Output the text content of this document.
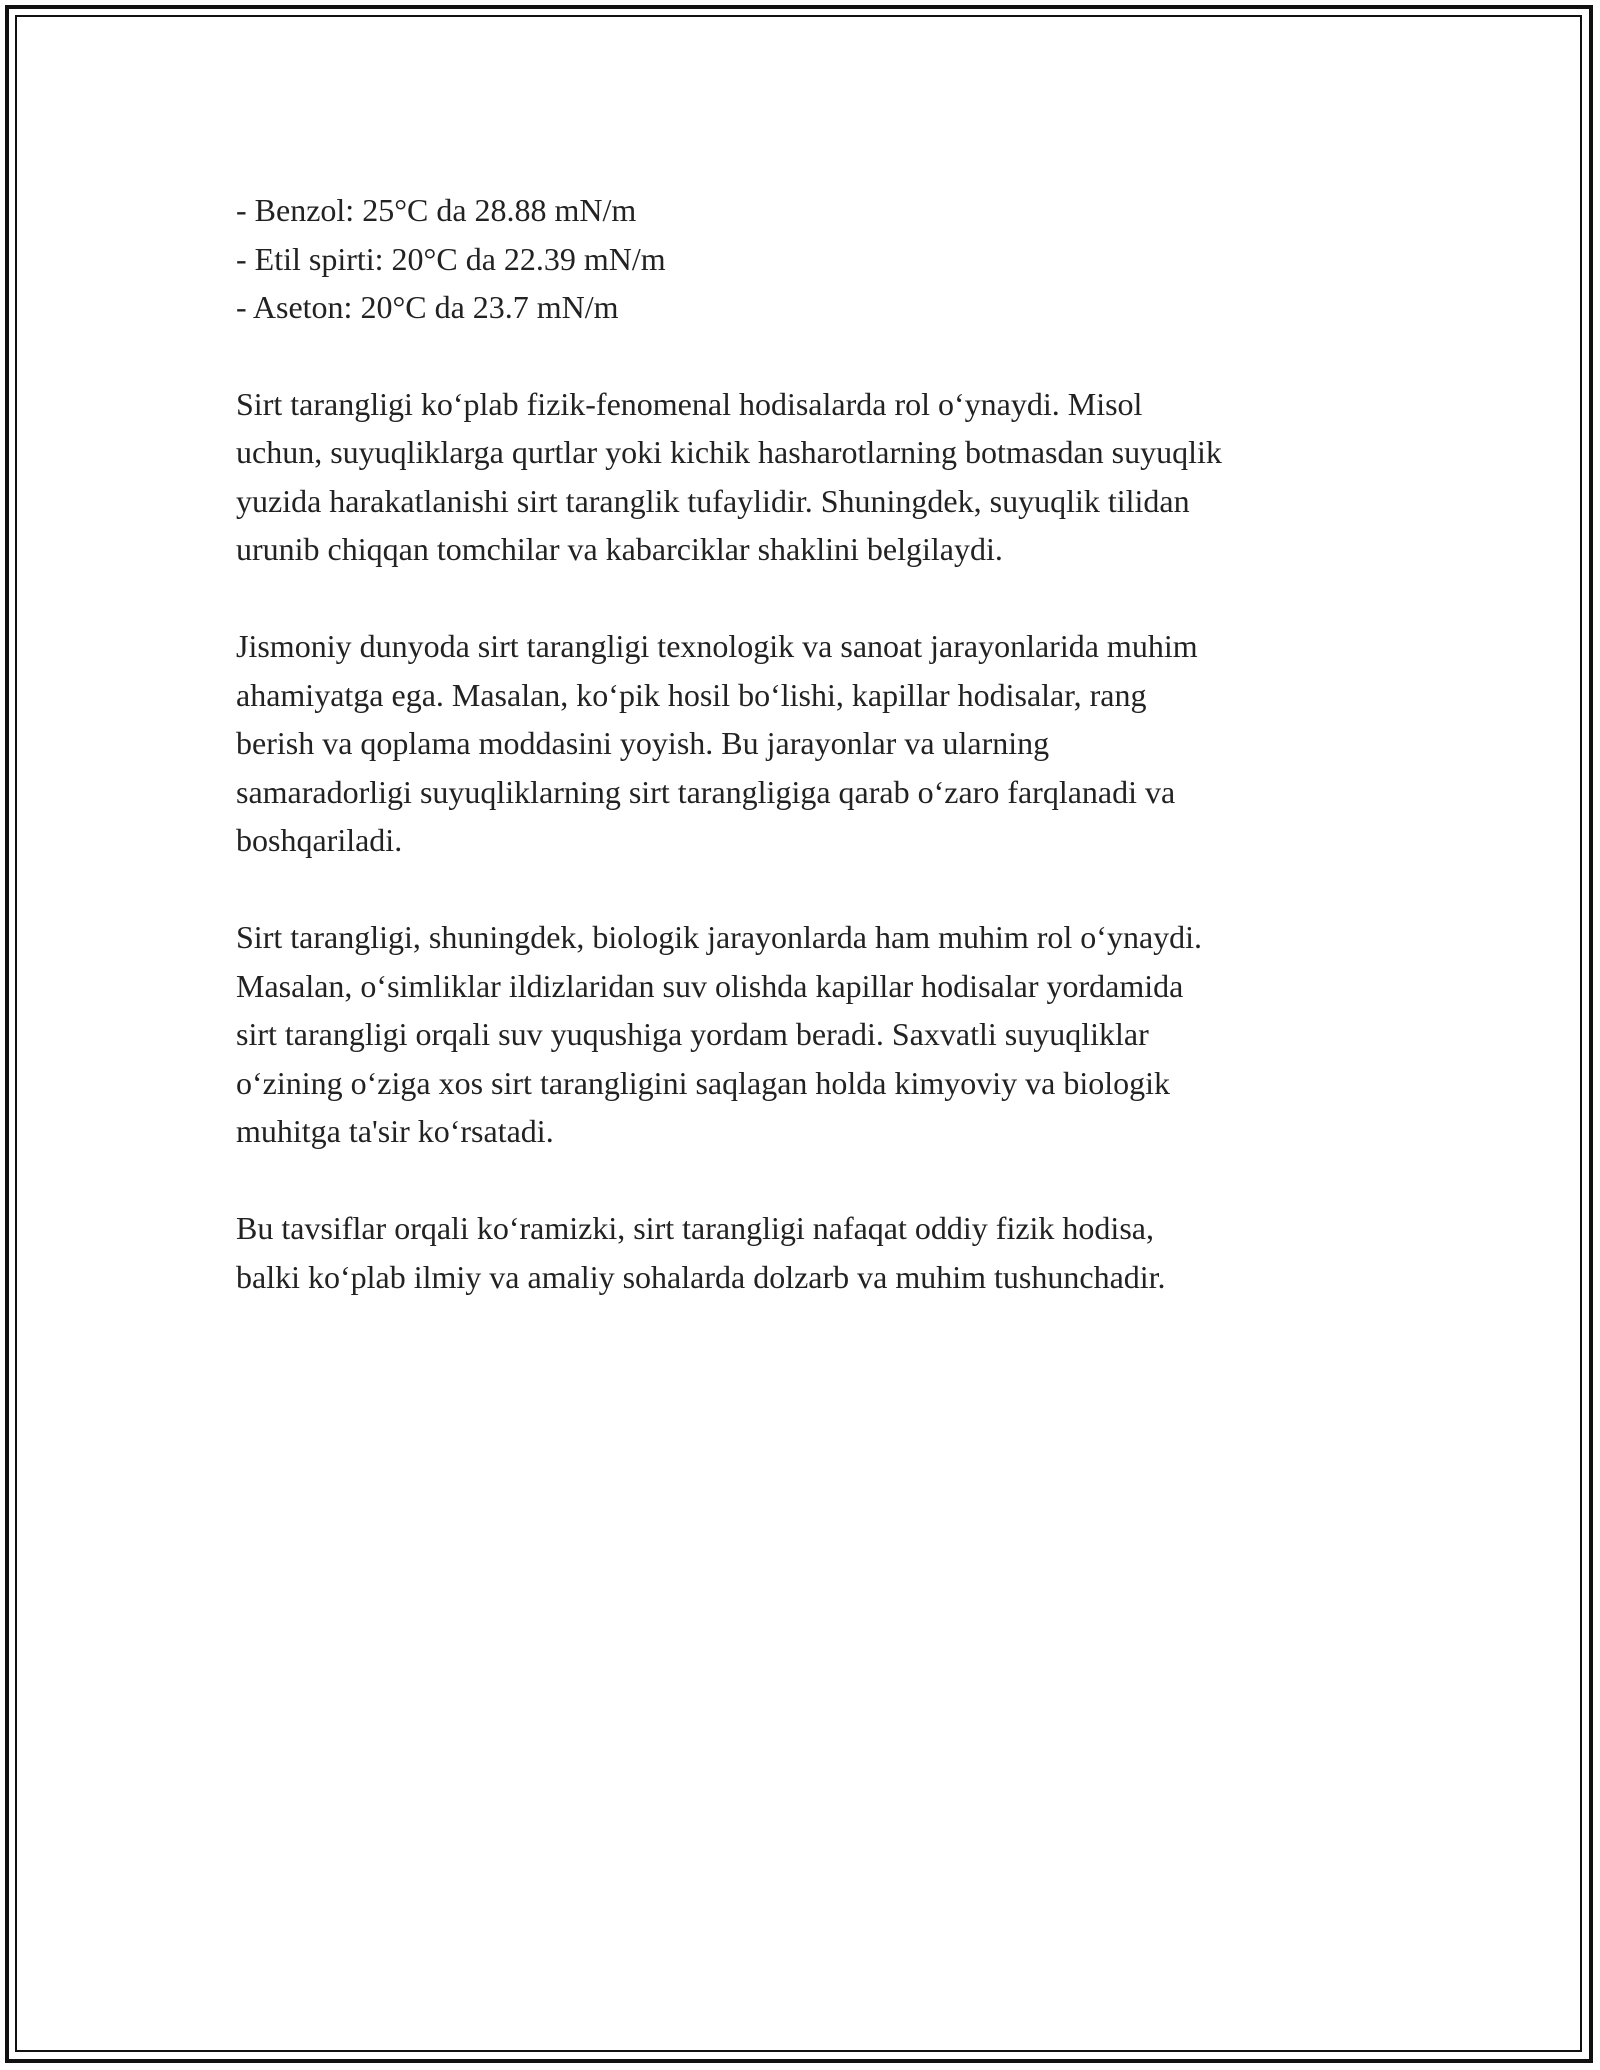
- Benzol: 25°C da 28.88 mN/m
- Etil spirti: 20°C da 22.39 mN/m
- Aseton: 20°C da 23.7 mN/m
Sirt tarangligi ko‘plab fizik-fenomenal hodisalarda rol o‘ynaydi. Misol
uchun, suyuqliklarga qurtlar yoki kichik hasharotlarning botmasdan suyuqlik
yuzida harakatlanishi sirt taranglik tufaylidir. Shuningdek, suyuqlik tilidan
urunib chiqqan tomchilar va kabarciklar shaklini belgilaydi.
Jismoniy dunyoda sirt tarangligi texnologik va sanoat jarayonlarida muhim
ahamiyatga ega. Masalan, ko‘pik hosil bo‘lishi, kapillar hodisalar, rang
berish va qoplama moddasini yoyish. Bu jarayonlar va ularning
samaradorligi suyuqliklarning sirt tarangligiga qarab o‘zaro farqlanadi va
boshqariladi.
Sirt tarangligi, shuningdek, biologik jarayonlarda ham muhim rol o‘ynaydi.
Masalan, o‘simliklar ildizlaridan suv olishda kapillar hodisalar yordamida
sirt tarangligi orqali suv yuqushiga yordam beradi. Saxvatli suyuqliklar
o‘zining o‘ziga xos sirt tarangligini saqlagan holda kimyoviy va biologik
muhitga ta'sir ko‘rsatadi.
Bu tavsiflar orqali ko‘ramizki, sirt tarangligi nafaqat oddiy fizik hodisa,
balki ko‘plab ilmiy va amaliy sohalarda dolzarb va muhim tushunchadir.
